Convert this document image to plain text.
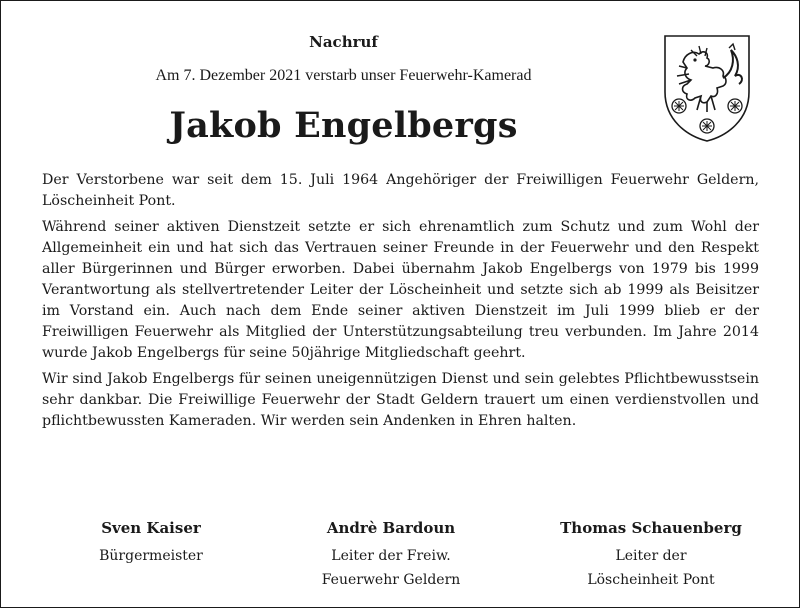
Nachruf
Am 7. Dezember 2021 verstarb unser Feuerwehr-Kamerad
Jakob Engelbergs

Der Verstorbene war seit dem 15. Juli 1964 Angehöriger der Freiwilligen Feuerwehr Geldern, Löscheinheit Pont.

Während seiner aktiven Dienstzeit setzte er sich ehrenamtlich zum Schutz und zum Wohl der Allgemeinheit ein und hat sich das Vertrauen seiner Freunde in der Feuerwehr und den Respekt aller Bürgerinnen und Bürger erworben. Dabei übernahm Jakob Engelbergs von 1979 bis 1999 Verantwortung als stellvertretender Leiter der Löscheinheit und setzte sich ab 1999 als Beisitzer im Vorstand ein. Auch nach dem Ende seiner aktiven Dienstzeit im Juli 1999 blieb er der Freiwilligen Feuerwehr als Mitglied der Unterstützungsabteilung treu verbunden. Im Jahre 2014 wurde Jakob Engelbergs für seine 50jährige Mitgliedschaft geehrt.

Wir sind Jakob Engelbergs für seinen uneigennützigen Dienst und sein gelebtes Pflichtbewusstsein sehr dankbar. Die Freiwillige Feuerwehr der Stadt Geldern trauert um einen verdienstvollen und pflichtbewussten Kameraden. Wir werden sein Andenken in Ehren halten.

Sven Kaiser
Bürgermeister
Andrè Bardoun
Leiter der Freiw.
Feuerwehr Geldern
Thomas Schauenberg
Leiter der
Löscheinheit Pont
